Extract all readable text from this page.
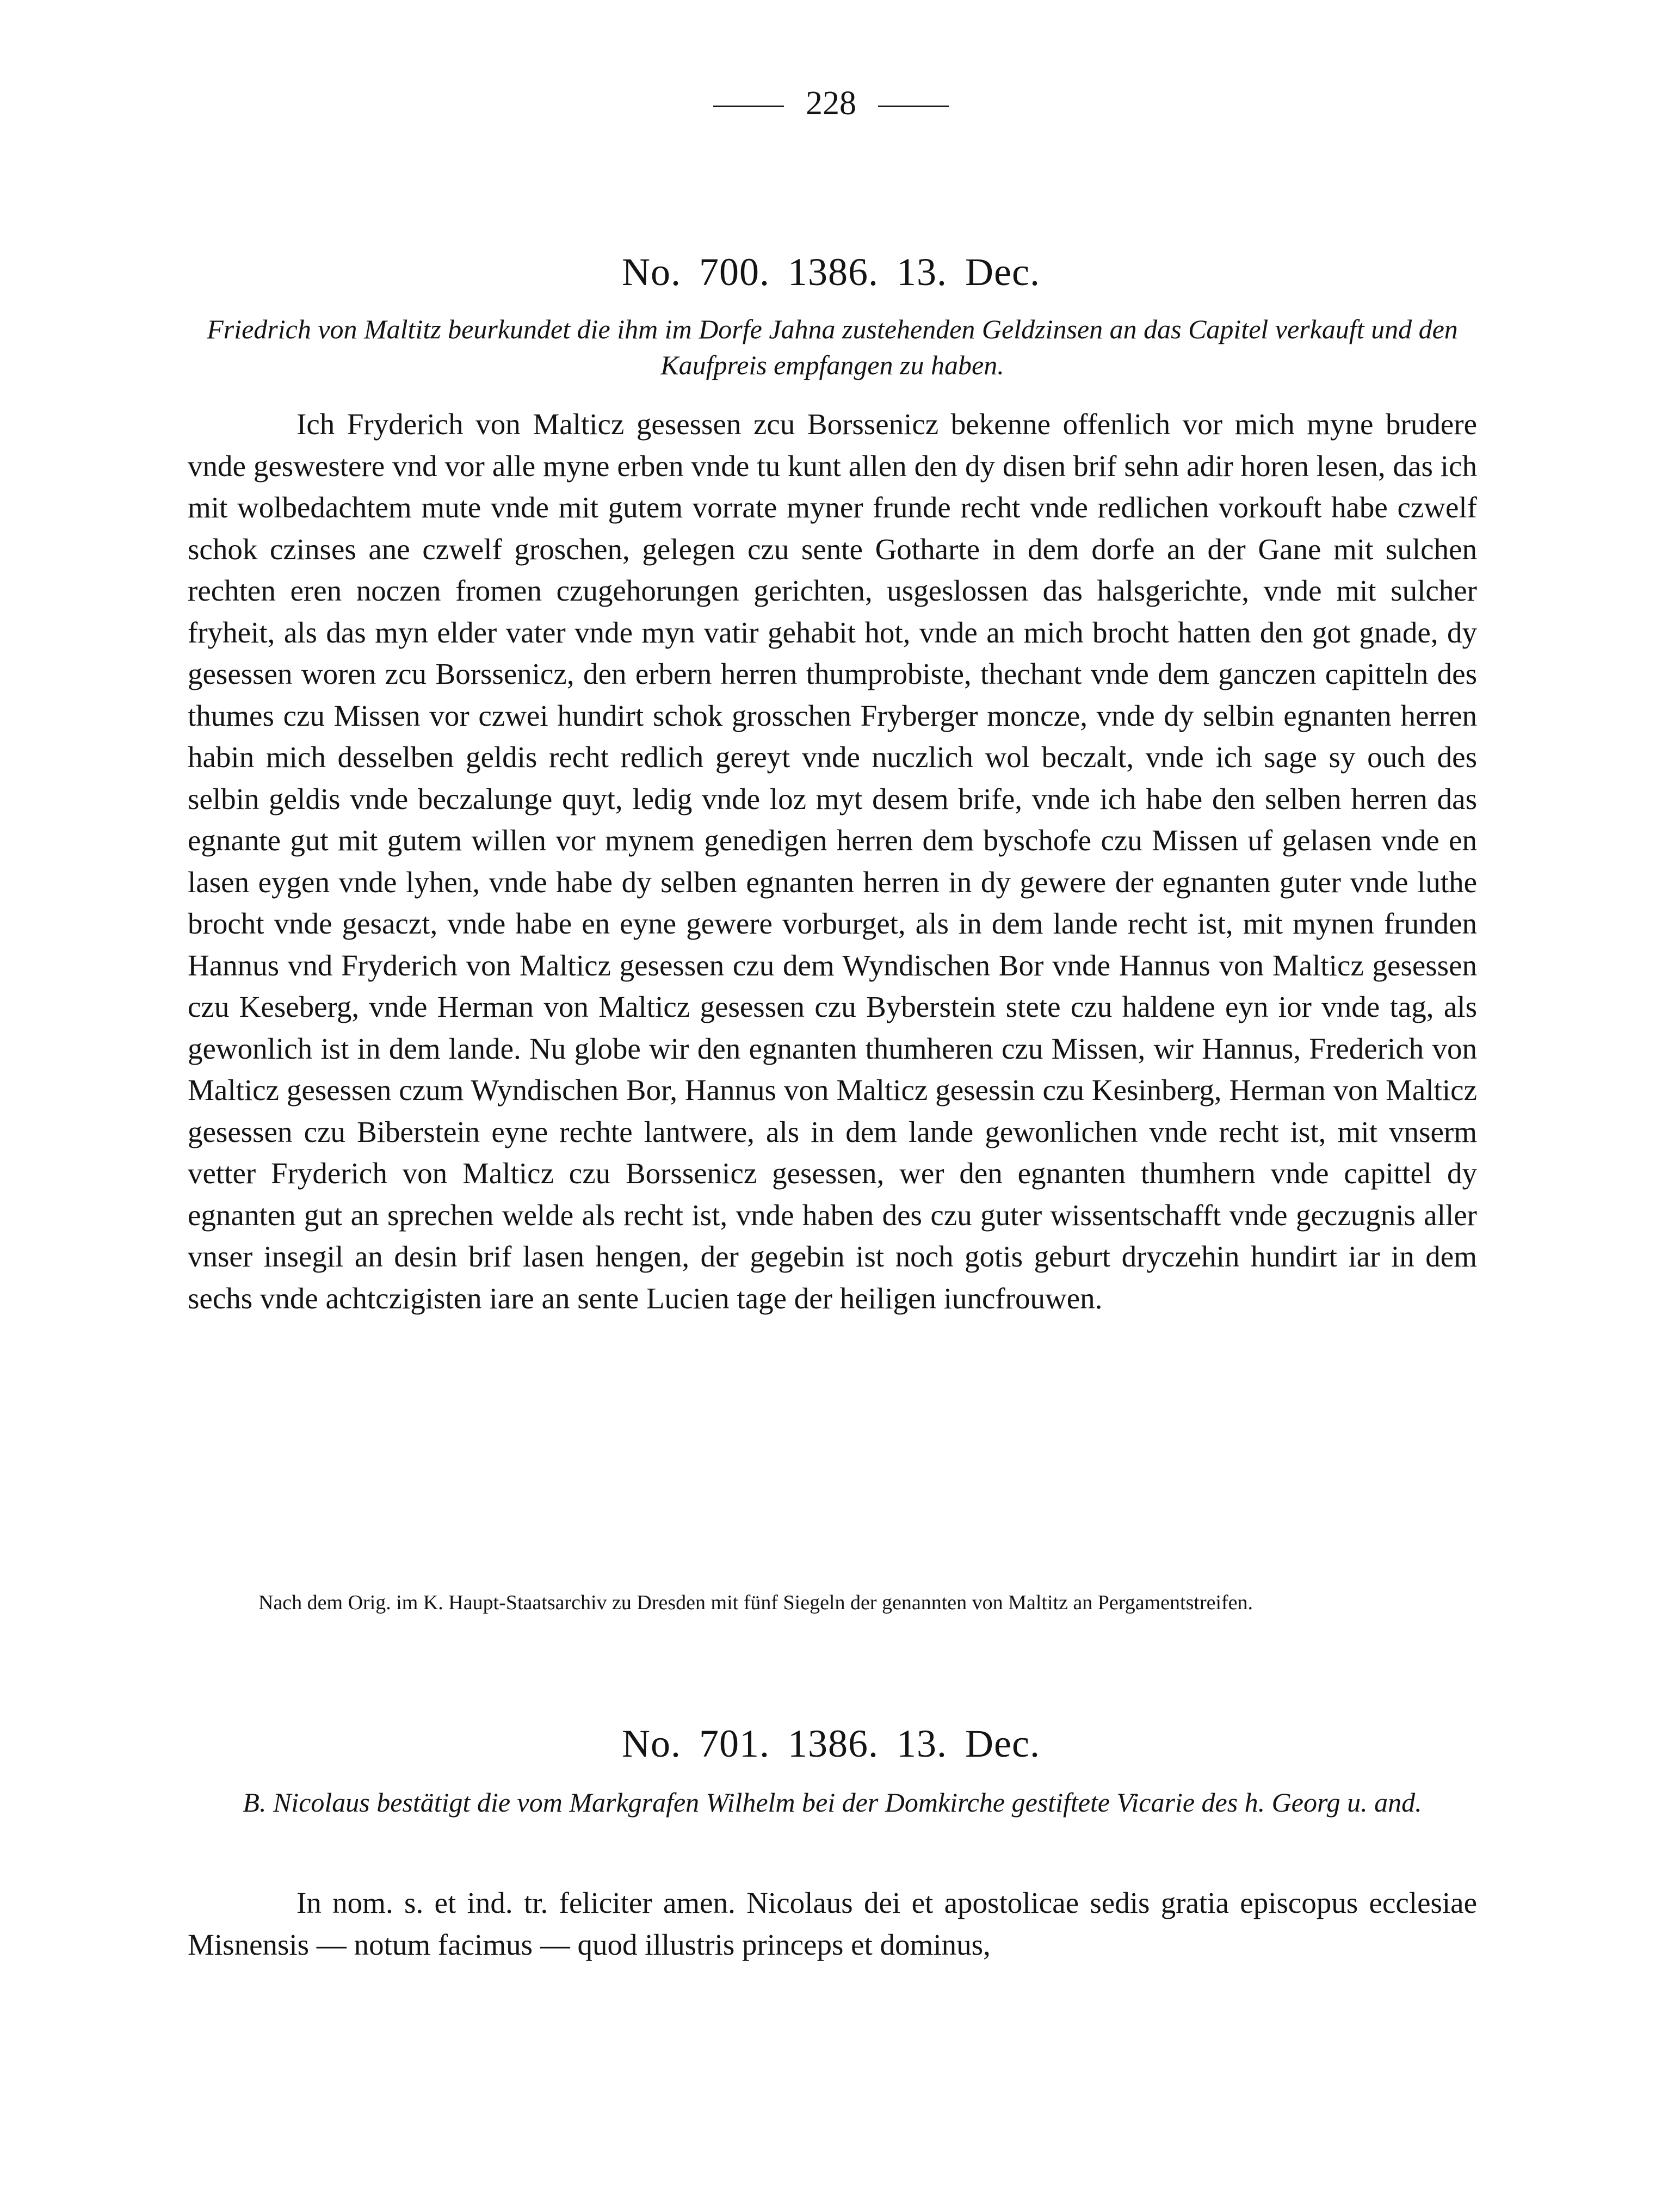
228
No. 700. 1386. 13. Dec.
Friedrich von Maltitz beurkundet die ihm im Dorfe Jahna zustehenden Geldzinsen an das Capitel verkauft und den Kaufpreis empfangen zu haben.
Ich Fryderich von Malticz gesessen zcu Borssenicz bekenne offenlich vor mich myne brudere vnde geswestere vnd vor alle myne erben vnde tu kunt allen den dy disen brif sehn adir horen lesen, das ich mit wolbedachtem mute vnde mit gutem vorrate myner frunde recht vnde redlichen vorkouft habe czwelf schok czinses ane czwelf groschen, gelegen czu sente Gotharte in dem dorfe an der Gane mit sulchen rechten eren noczen fromen czugehorungen gerichten, usgeslossen das halsgerichte, vnde mit sulcher fryheit, als das myn elder vater vnde myn vatir gehabit hot, vnde an mich brocht hatten den got gnade, dy gesessen woren zcu Borssenicz, den erbern herren thumprobiste, thechant vnde dem ganczen capitteln des thumes czu Missen vor czwei hundirt schok grosschen Fryberger moncze, vnde dy selbin egnanten herren habin mich desselben geldis recht redlich gereyt vnde nuczlich wol beczalt, vnde ich sage sy ouch des selbin geldis vnde beczalunge quyt, ledig vnde loz myt desem brife, vnde ich habe den selben herren das egnante gut mit gutem willen vor mynem genedigen herren dem byschofe czu Missen uf gelasen vnde en lasen eygen vnde lyhen, vnde habe dy selben egnanten herren in dy gewere der egnanten guter vnde luthe brocht vnde gesaczt, vnde habe en eyne gewere vorburget, als in dem lande recht ist, mit mynen frunden Hannus vnd Fryderich von Malticz gesessen czu dem Wyndischen Bor vnde Hannus von Malticz gesessen czu Keseberg, vnde Herman von Malticz gesessen czu Byberstein stete czu haldene eyn ior vnde tag, als gewonlich ist in dem lande. Nu globe wir den egnanten thumheren czu Missen, wir Hannus, Frederich von Malticz gesessen czum Wyndischen Bor, Hannus von Malticz gesessin czu Kesinberg, Herman von Malticz gesessen czu Biberstein eyne rechte lantwere, als in dem lande gewonlichen vnde recht ist, mit vnserm vetter Fryderich von Malticz czu Borssenicz gesessen, wer den egnanten thumhern vnde capittel dy egnanten gut an sprechen welde als recht ist, vnde haben des czu guter wissentschafft vnde geczugnis aller vnser insegil an desin brif lasen hengen, der gegebin ist noch gotis geburt dryczehin hundirt iar in dem sechs vnde achtczigisten iare an sente Lucien tage der heiligen iuncfrouwen.
Nach dem Orig. im K. Haupt-Staatsarchiv zu Dresden mit fünf Siegeln der genannten von Maltitz an Pergamentstreifen.
No. 701. 1386. 13. Dec.
B. Nicolaus bestätigt die vom Markgrafen Wilhelm bei der Domkirche gestiftete Vicarie des h. Georg u. and.
In nom. s. et ind. tr. feliciter amen. Nicolaus dei et apostolicae sedis gratia episcopus ecclesiae Misnensis — notum facimus — quod illustris princeps et dominus,
